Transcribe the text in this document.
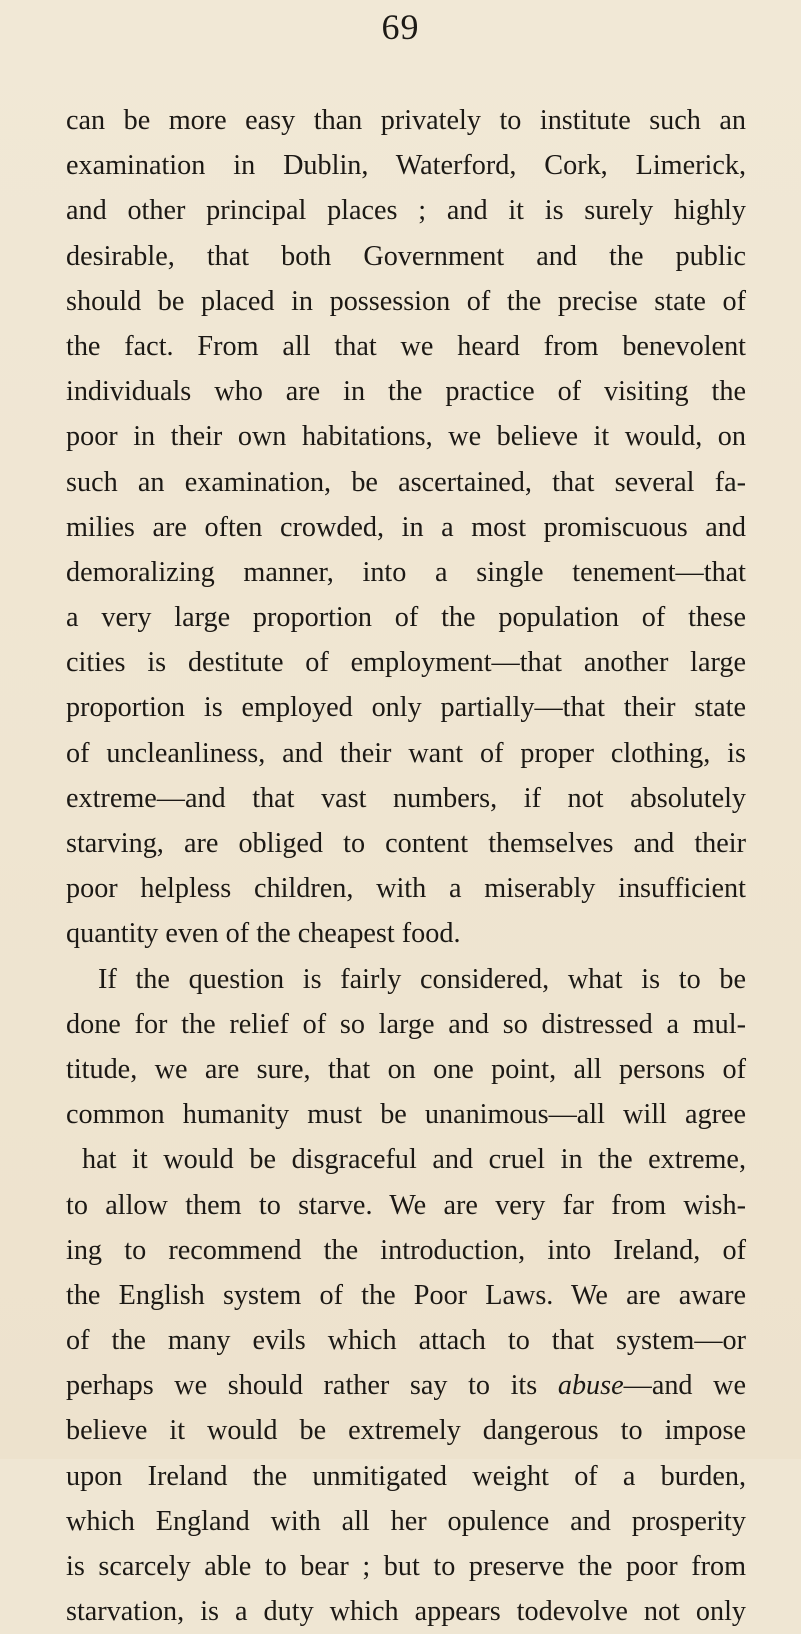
69
can be more easy than privately to institute such an
examination in Dublin, Waterford, Cork, Limerick,
and other principal places ; and it is surely highly
desirable, that both Government and the public
should be placed in possession of the precise state of
the fact. From all that we heard from benevolent
individuals who are in the practice of visiting the
poor in their own habitations, we believe it would, on
such an examination, be ascertained, that several fa-
milies are often crowded, in a most promiscuous and
demoralizing manner, into a single tenement—that
a very large proportion of the population of these
cities is destitute of employment—that another large
proportion is employed only partially—that their state
of uncleanliness, and their want of proper clothing, is
extreme—and that vast numbers, if not absolutely
starving, are obliged to content themselves and their
poor helpless children, with a miserably insufficient
quantity even of the cheapest food.
If the question is fairly considered, what is to be
done for the relief of so large and so distressed a mul-
titude, we are sure, that on one point, all persons of
common humanity must be unanimous—all will agree
hat it would be disgraceful and cruel in the extreme,
to allow them to starve. We are very far from wish-
ing to recommend the introduction, into Ireland, of
the English system of the Poor Laws. We are aware
of the many evils which attach to that system—or
perhaps we should rather say to its abuse—and we
believe it would be extremely dangerous to impose
upon Ireland the unmitigated weight of a burden,
which England with all her opulence and prosperity
is scarcely able to bear ; but to preserve the poor from
starvation, is a duty which appears todevolve not only
